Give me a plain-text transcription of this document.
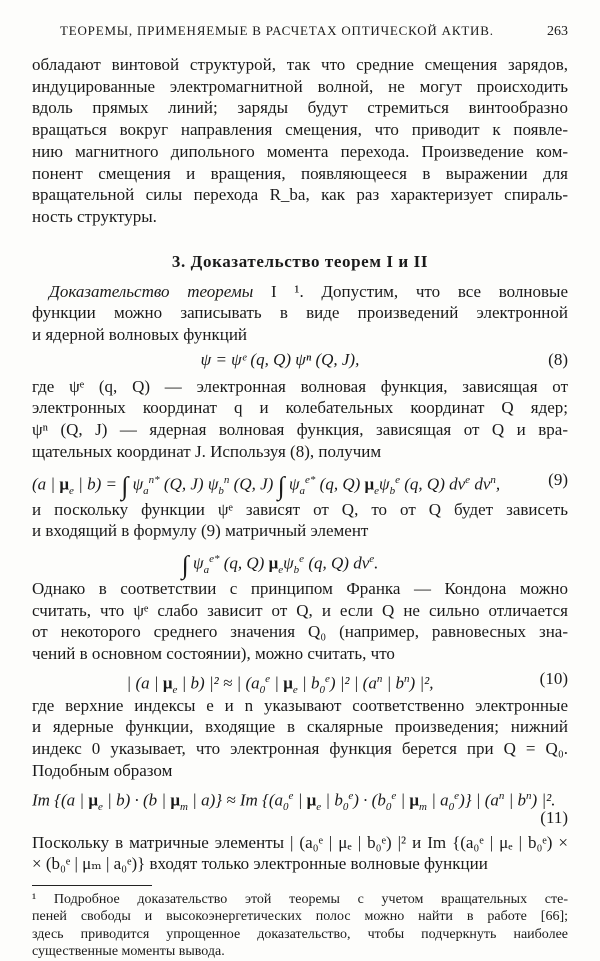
ТЕОРЕМЫ, ПРИМЕНЯЕМЫЕ В РАСЧЕТАХ ОПТИЧЕСКОЙ АКТИВ.	263
обладают винтовой структурой, так что средние смещения зарядов,
индуцированные электромагнитной волной, не могут происходить
вдоль прямых линий; заряды будут стремиться винтообразно
вращаться вокруг направления смещения, что приводит к появле-
нию магнитного дипольного момента перехода. Произведение ком-
понент смещения и вращения, появляющееся в выражении для
вращательной силы перехода R_ba, как раз характеризует спираль-
ность структуры.
3. Доказательство теорем I и II
 Доказательство теоремы I ¹. Допустим, что все волновые
функции можно записывать в виде произведений электронной
и ядерной волновых функций
ψ = ψᵉ (q, Q) ψⁿ (Q, J),	(8)
где ψᵉ (q, Q) — электронная волновая функция, зависящая от
электронных координат q и колебательных координат Q ядер;
ψⁿ (Q, J) — ядерная волновая функция, зависящая от Q и вра-
щательных координат J. Используя (8), получим
(a | $\mu_e$ | b) = ∫ $\psi_a^{n*}$ (Q, J) $\psi_b^n$ (Q, J) ∫ $\psi_a^{e*}$ (q, Q) $\mu_e\psi_b^e$ (q, Q) $dv^e$ $dv^n$,	(9)
и поскольку функции ψᵉ зависят от Q, то от Q будет зависеть
и входящий в формулу (9) матричный элемент
∫ $\psi_a^{e*}$ (q, Q) $\mu_e\psi_b^e$ (q, Q) $dv^e$.
Однако в соответствии с принципом Франка — Кондона можно
считать, что ψᵉ слабо зависит от Q, и если Q не сильно отличается
от некоторого среднего значения Q₀ (например, равновесных зна-
чений в основном состоянии), можно считать, что
| (a | $\mu_e$ | b) |² ≈ | ($a_0^e$ | $\mu_e$ | $b_0^e$) |² | ($a^n$ | $b^n$) |²,	(10)
где верхние индексы e и n указывают соответственно электронные
и ядерные функции, входящие в скалярные произведения; нижний
индекс 0 указывает, что электронная функция берется при Q = Q₀.
Подобным образом
Im {(a | $\mu_e$ | b) · (b | $\mu_m$ | a)} ≈ Im {($a_0^e$ | $\mu_e$ | $b_0^e) \cdot (b_0^e$ | $\mu_m$ | $a_0^e$)} | ($a^n$ | $b^n$) |².
(11)
Поскольку в матричные элементы | (a₀ᵉ | μₑ | b₀ᵉ) |² и Im {(a₀ᵉ | μₑ | b₀ᵉ) ×
× (b₀ᵉ | μₘ | a₀ᵉ)} входят только электронные волновые функции
¹ Подробное доказательство этой теоремы с учетом вращательных сте-
пеней свободы и высокоэнергетических полос можно найти в работе [66];
здесь приводится упрощенное доказательство, чтобы подчеркнуть наиболее
существенные моменты вывода.
